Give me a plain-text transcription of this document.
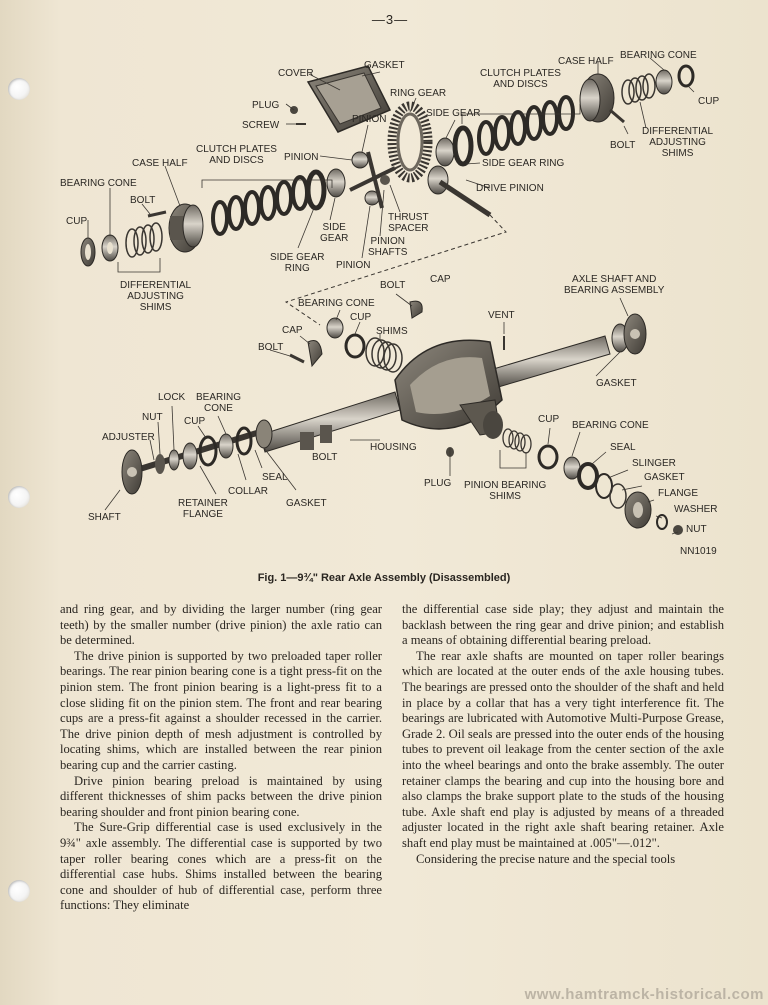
—3—
COVER
GASKET
RING GEAR
PLUG
SCREW
PINION
CLUTCH PLATES
AND DISCS	PINION
CASE HALF
BEARING CONE
BOLT
CUP
DIFFERENTIAL
ADJUSTING
SHIMS
SIDE
GEAR
SIDE GEAR
RING	PINION
PINION
SHAFTS
THRUST
SPACER
SIDE GEAR
CLUTCH PLATES
AND DISCS
CASE HALF
BEARING CONE
CUP
BOLT
DIFFERENTIAL
ADJUSTING
SHIMS
SIDE GEAR RING
DRIVE PINION
BOLT
CAP
BEARING CONE
CUP
SHIMS
CAP
BOLT
VENT
AXLE SHAFT AND
BEARING ASSEMBLY
GASKET
LOCK BEARING
CONE
NUT CUP
ADJUSTER
HOUSING
BOLT
SEAL
COLLAR
RETAINER
FLANGE
GASKET
SHAFT
CUP
BEARING CONE
SEAL
SLINGER
GASKET
FLANGE
WASHER
NUT
PLUG PINION BEARING
SHIMS
NN1019
Fig. 1—9¾" Rear Axle Assembly (Disassembled)

and ring gear, and by dividing the larger number (ring gear teeth) by the smaller number (drive pinion) the axle ratio can be determined.

The drive pinion is supported by two preloaded taper roller bearings. The rear pinion bearing cone is a tight press-fit on the pinion stem. The front pinion bearing is a light-press fit to a close sliding fit on the pinion stem. The front and rear bearing cups are a press-fit against a shoulder recessed in the carrier. The drive pinion depth of mesh adjustment is controlled by locating shims, which are installed between the rear pinion bearing cup and the carrier casting.

Drive pinion bearing preload is maintained by using different thicknesses of shim packs between the drive pinion bearing shoulder and front pinion bearing cone.

The Sure-Grip differential case is used exclusively in the 9¾" axle assembly. The differential case is supported by two taper roller bearing cones which are a press-fit on the differential case hubs. Shims installed between the bearing cone and shoulder of hub of differential case, perform three functions: They eliminate

the differential case side play; they adjust and maintain the backlash between the ring gear and drive pinion; and establish a means of obtaining differential bearing preload.

The rear axle shafts are mounted on taper roller bearings which are located at the outer ends of the axle housing tubes. The bearings are pressed onto the shoulder of the shaft and held in place by a collar that has a very tight interference fit. The bearings are lubricated with Automotive Multi-Purpose Grease, Grade 2. Oil seals are pressed into the outer ends of the housing tubes to prevent oil leakage from the center section of the axle into the wheel bearings and onto the brake assembly. The outer retainer clamps the bearing and cup into the housing bore and also clamps the brake support plate to the studs of the housing tube. Axle shaft end play is adjusted by means of a threaded adjuster located in the right axle shaft bearing retainer. Axle shaft end play must be maintained at .005"—.012".

Considering the precise nature and the special tools

www.hamtramck-historical.com
